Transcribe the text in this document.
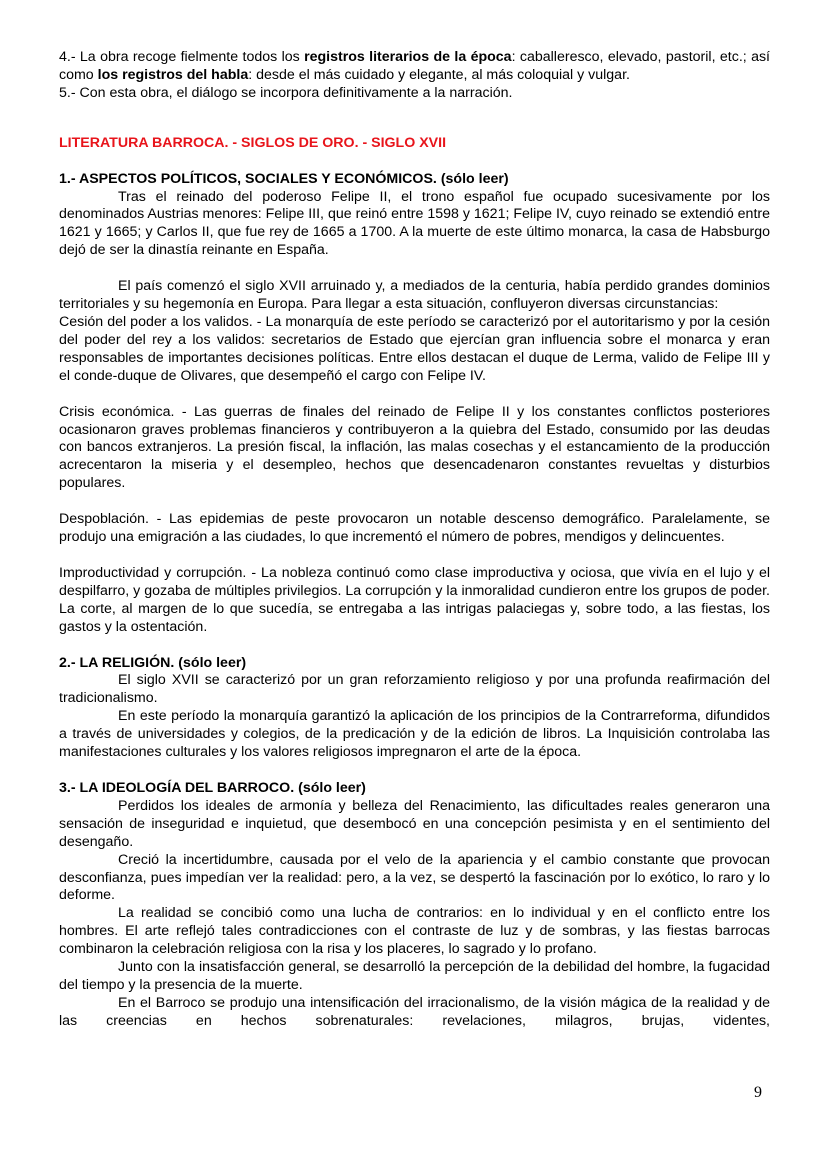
4.- La obra recoge fielmente todos los registros literarios de la época: caballeresco, elevado, pastoril, etc.; así como los registros del habla: desde el más cuidado y elegante, al más coloquial y vulgar.

5.- Con esta obra, el diálogo se incorpora definitivamente a la narración.

LITERATURA BARROCA. - SIGLOS DE ORO. - SIGLO XVII

1.- ASPECTOS POLÍTICOS, SOCIALES Y ECONÓMICOS. (sólo leer)

Tras el reinado del poderoso Felipe II, el trono español fue ocupado sucesivamente por los denominados Austrias menores: Felipe III, que reinó entre 1598 y 1621; Felipe IV, cuyo reinado se extendió entre 1621 y 1665; y Carlos II, que fue rey de 1665 a 1700. A la muerte de este último monarca, la casa de Habsburgo dejó de ser la dinastía reinante en España.

El país comenzó el siglo XVII arruinado y, a mediados de la centuria, había perdido grandes dominios territoriales y su hegemonía en Europa. Para llegar a esta situación, confluyeron diversas circunstancias:

Cesión del poder a los validos. - La monarquía de este período se caracterizó por el autoritarismo y por la cesión del poder del rey a los validos: secretarios de Estado que ejercían gran influencia sobre el monarca y eran responsables de importantes decisiones políticas. Entre ellos destacan el duque de Lerma, valido de Felipe III y el conde-duque de Olivares, que desempeñó el cargo con Felipe IV.

Crisis económica. - Las guerras de finales del reinado de Felipe II y los constantes conflictos posteriores ocasionaron graves problemas financieros y contribuyeron a la quiebra del Estado, consumido por las deudas con bancos extranjeros. La presión fiscal, la inflación, las malas cosechas y el estancamiento de la producción acrecentaron la miseria y el desempleo, hechos que desencadenaron constantes revueltas y disturbios populares.

Despoblación. - Las epidemias de peste provocaron un notable descenso demográfico. Paralelamente, se produjo una emigración a las ciudades, lo que incrementó el número de pobres, mendigos y delincuentes.

Improductividad y corrupción. - La nobleza continuó como clase improductiva y ociosa, que vivía en el lujo y el despilfarro, y gozaba de múltiples privilegios. La corrupción y la inmoralidad cundieron entre los grupos de poder. La corte, al margen de lo que sucedía, se entregaba a las intrigas palaciegas y, sobre todo, a las fiestas, los gastos y la ostentación.

2.- LA RELIGIÓN. (sólo leer)

El siglo XVII se caracterizó por un gran reforzamiento religioso y por una profunda reafirmación del tradicionalismo.

En este período la monarquía garantizó la aplicación de los principios de la Contrarreforma, difundidos a través de universidades y colegios, de la predicación y de la edición de libros. La Inquisición controlaba las manifestaciones culturales y los valores religiosos impregnaron el arte de la época.

3.- LA IDEOLOGÍA DEL BARROCO. (sólo leer)

Perdidos los ideales de armonía y belleza del Renacimiento, las dificultades reales generaron una sensación de inseguridad e inquietud, que desembocó en una concepción pesimista y en el sentimiento del desengaño.

Creció la incertidumbre, causada por el velo de la apariencia y el cambio constante que provocan desconfianza, pues impedían ver la realidad: pero, a la vez, se despertó la fascinación por lo exótico, lo raro y lo deforme.

La realidad se concibió como una lucha de contrarios: en lo individual y en el conflicto entre los hombres. El arte reflejó tales contradicciones con el contraste de luz y de sombras, y las fiestas barrocas combinaron la celebración religiosa con la risa y los placeres, lo sagrado y lo profano.

Junto con la insatisfacción general, se desarrolló la percepción de la debilidad del hombre, la fugacidad del tiempo y la presencia de la muerte.

En el Barroco se produjo una intensificación del irracionalismo, de la visión mágica de la realidad y de las creencias en hechos sobrenaturales: revelaciones, milagros, brujas, videntes,

9
